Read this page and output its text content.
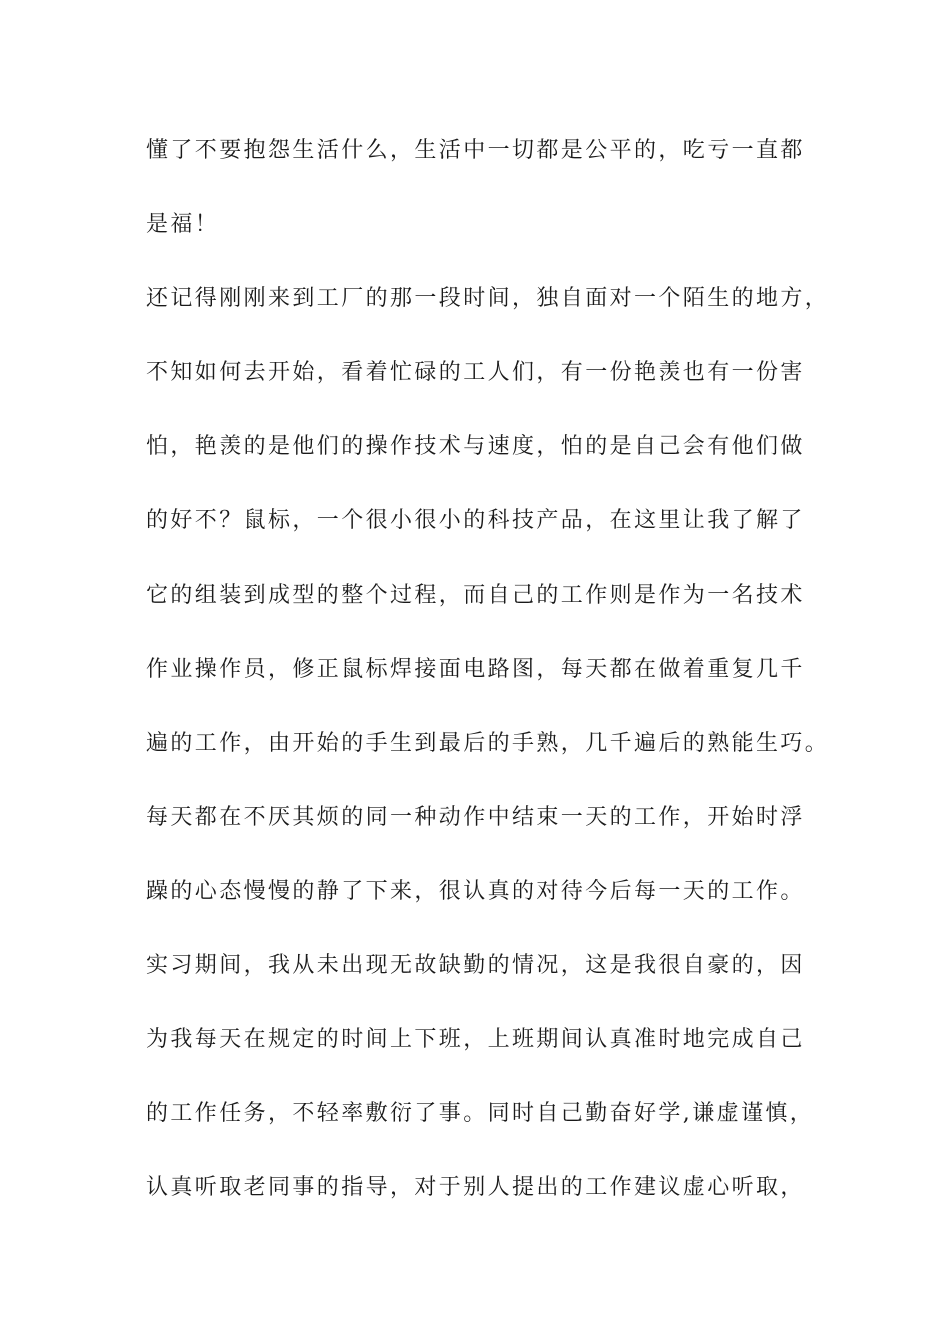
懂了不要抱怨生活什么，生活中一切都是公平的，吃亏一直都
是福！
还记得刚刚来到工厂的那一段时间，独自面对一个陌生的地方，
不知如何去开始，看着忙碌的工人们，有一份艳羡也有一份害
怕，艳羡的是他们的操作技术与速度，怕的是自己会有他们做
的好不？鼠标，一个很小很小的科技产品，在这里让我了解了
它的组装到成型的整个过程，而自己的工作则是作为一名技术
作业操作员，修正鼠标焊接面电路图，每天都在做着重复几千
遍的工作，由开始的手生到最后的手熟，几千遍后的熟能生巧。
每天都在不厌其烦的同一种动作中结束一天的工作，开始时浮
躁的心态慢慢的静了下来，很认真的对待今后每一天的工作。
实习期间，我从未出现无故缺勤的情况，这是我很自豪的，因
为我每天在规定的时间上下班，上班期间认真准时地完成自己
的工作任务，不轻率敷衍了事。同时自己勤奋好学,谦虚谨慎，
认真听取老同事的指导，对于别人提出的工作建议虚心听取，
